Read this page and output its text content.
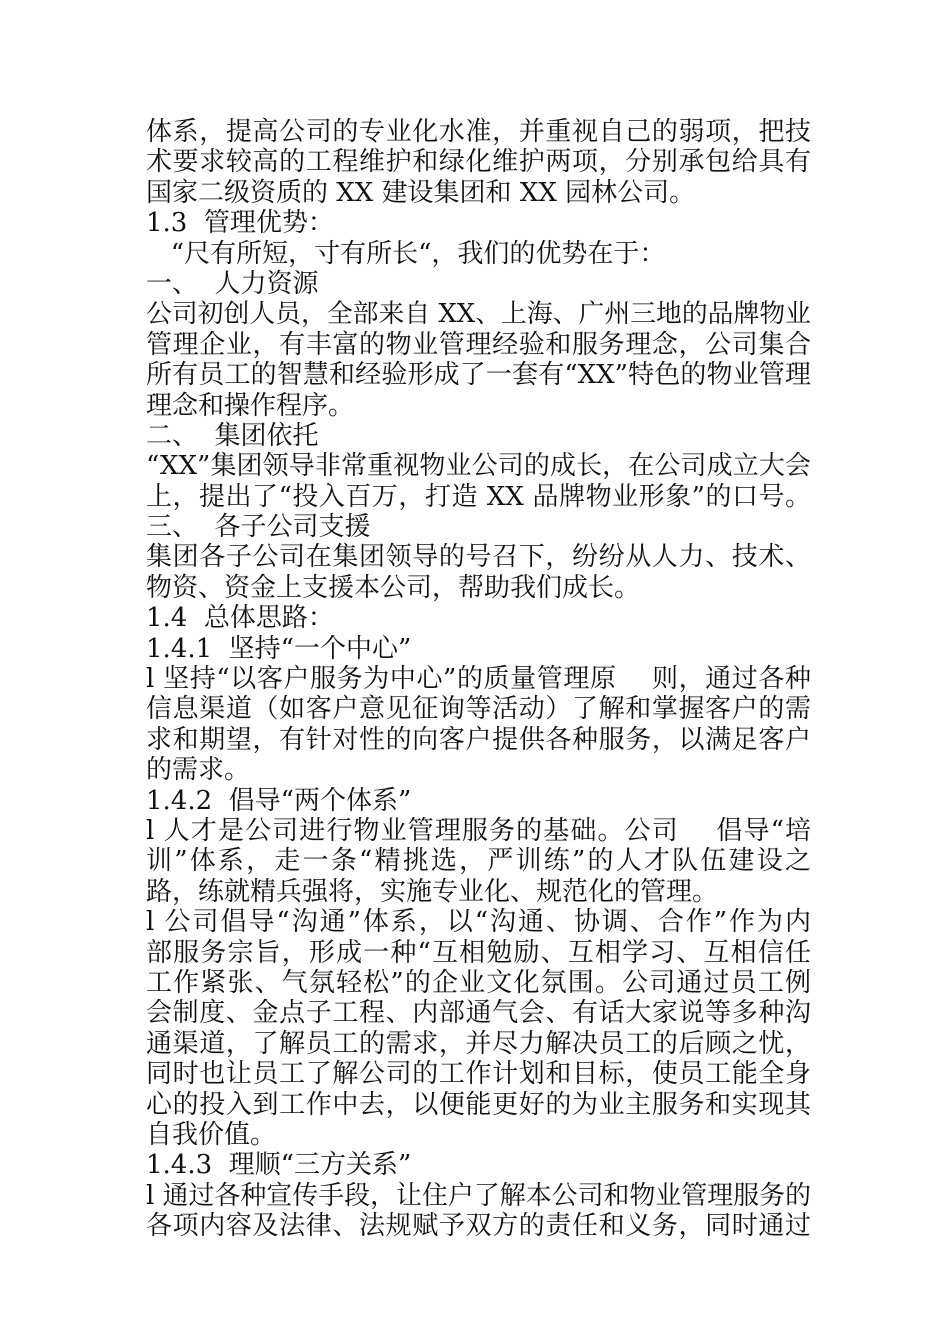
体系，提高公司的专业化水准，并重视自己的弱项，把技
术要求较高的工程维护和绿化维护两项，分别承包给具有
国家二级资质的 XX 建设集团和 XX 园林公司。
1.3  管理优势：
“尺有所短，寸有所长“，我们的优势在于：
一、  人力资源
公司初创人员，全部来自 XX、上海、广州三地的品牌物业
管理企业，有丰富的物业管理经验和服务理念，公司集合
所有员工的智慧和经验形成了一套有“XX”特色的物业管理
理念和操作程序。
二、  集团依托
“XX”集团领导非常重视物业公司的成长，在公司成立大会
上，提出了“投入百万，打造 XX 品牌物业形象”的口号。
三、  各子公司支援
集团各子公司在集团领导的号召下，纷纷从人力、技术、
物资、资金上支援本公司，帮助我们成长。
1.4  总体思路：
1.4.1  坚持“一个中心”
l 坚持“以客户服务为中心”的质量管理原    则，通过各种
信息渠道（如客户意见征询等活动）了解和掌握客户的需
求和期望，有针对性的向客户提供各种服务，以满足客户
的需求。
1.4.2  倡导“两个体系”
l 人才是公司进行物业管理服务的基础。公司    倡导“培
训”体系，走一条“精挑选，严训练”的人才队伍建设之
路，练就精兵强将，实施专业化、规范化的管理。
l 公司倡导“沟通”体系，以“沟通、协调、合作”作为内
部服务宗旨，形成一种“互相勉励、互相学习、互相信任
工作紧张、气氛轻松”的企业文化氛围。公司通过员工例
会制度、金点子工程、内部通气会、有话大家说等多种沟
通渠道，了解员工的需求，并尽力解决员工的后顾之忧，
同时也让员工了解公司的工作计划和目标，使员工能全身
心的投入到工作中去，以便能更好的为业主服务和实现其
自我价值。
1.4.3  理顺“三方关系”
l 通过各种宣传手段，让住户了解本公司和物业管理服务的
各项内容及法律、法规赋予双方的责任和义务，同时通过
